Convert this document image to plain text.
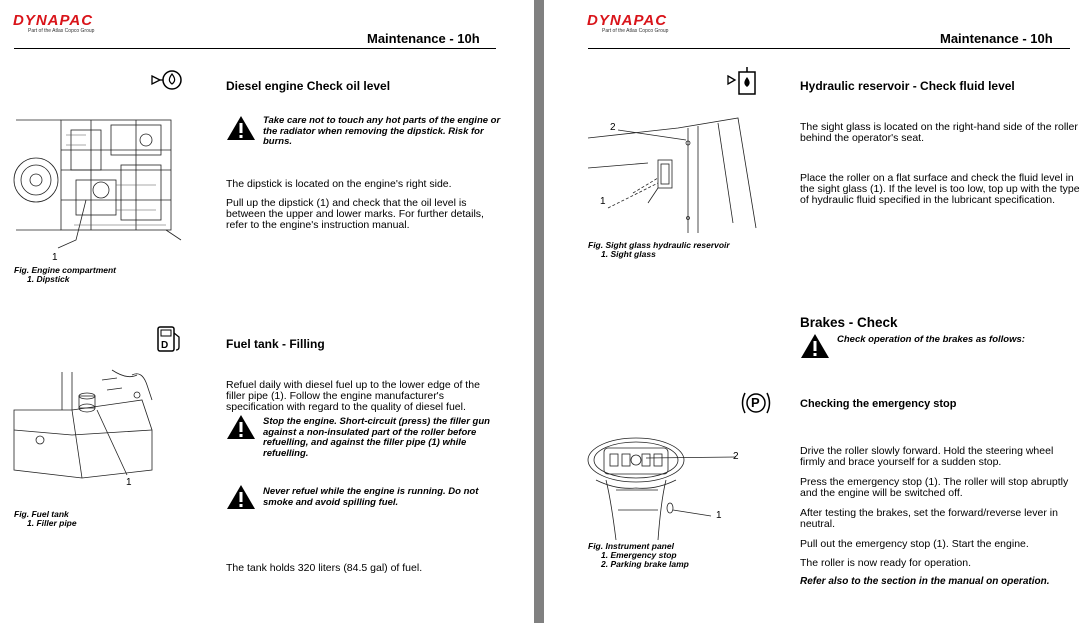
DYNAPAC
Part of the Atlas Copco Group	Maintenance - 10h
Diesel engine Check oil level
Take care not to touch any hot parts of the engine or the radiator when removing the dipstick. Risk for burns.
The dipstick is located on the engine's right side.
Pull up the dipstick (1) and check that the oil level is between the upper and lower marks. For further details, refer to the engine's instruction manual.
1
Fig. Engine compartment
1. Dipstick
D	Fuel tank - Filling
Refuel daily with diesel fuel up to the lower edge of the filler pipe (1). Follow the engine manufacturer's specification with regard to the quality of diesel fuel.
Stop the engine. Short-circuit (press) the filler gun against a non-insulated part of the roller before refuelling, and against the filler pipe (1) while refuelling.
Never refuel while the engine is running. Do not smoke and avoid spilling fuel.
The tank holds 320 liters (84.5 gal) of fuel.
1
Fig. Fuel tank
1. Filler pipe
DYNAPAC
Part of the Atlas Copco Group	Maintenance - 10h
Hydraulic reservoir - Check fluid level
The sight glass is located on the right-hand side of the roller behind the operator's seat.
Place the roller on a flat surface and check the fluid level in the sight glass (1). If the level is too low, top up with the type of hydraulic fluid specified in the lubricant specification.
2
1
Fig. Sight glass hydraulic reservoir
1. Sight glass
Brakes - Check
Check operation of the brakes as follows:
P	Checking the emergency stop
Drive the roller slowly forward. Hold the steering wheel firmly and brace yourself for a sudden stop.
Press the emergency stop (1). The roller will stop abruptly and the engine will be switched off.
After testing the brakes, set the forward/reverse lever in neutral.
Pull out the emergency stop (1). Start the engine.
The roller is now ready for operation.
Refer also to the section in the manual on operation.
2
1
Fig. Instrument panel
1. Emergency stop
2. Parking brake lamp
